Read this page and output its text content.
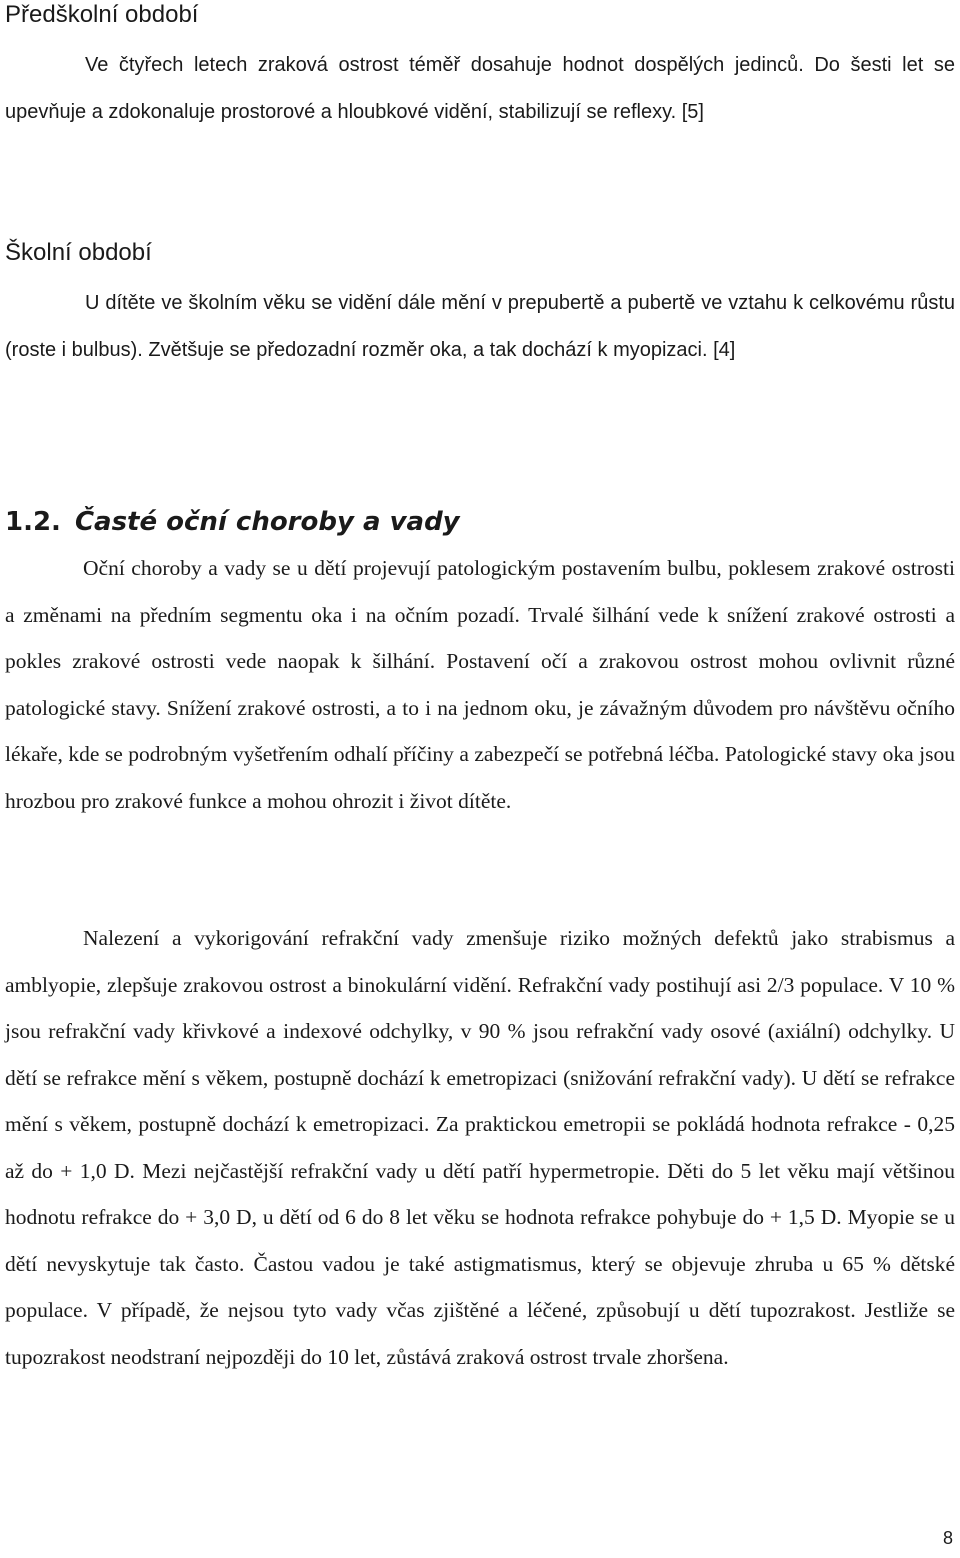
Předškolní období

Ve čtyřech letech zraková ostrost téměř dosahuje hodnot dospělých jedinců. Do šesti let se upevňuje a zdokonaluje prostorové a hloubkové vidění, stabilizují se reflexy. [5]

Školní období

U dítěte ve školním věku se vidění dále mění v prepubertě a pubertě ve vztahu k celkovému růstu (roste i bulbus). Zvětšuje se předozadní rozměr oka, a tak dochází k myopizaci. [4]

1.2. Časté oční choroby a vady

Oční choroby a vady se u dětí projevují patologickým postavením bulbu, poklesem zrakové ostrosti a změnami na předním segmentu oka i na očním pozadí. Trvalé šilhání vede k snížení zrakové ostrosti a pokles zrakové ostrosti vede naopak k šilhání. Postavení očí a zrakovou ostrost mohou ovlivnit různé patologické stavy. Snížení zrakové ostrosti, a to i na jednom oku, je závažným důvodem pro návštěvu očního lékaře, kde se podrobným vyšetřením odhalí příčiny a zabezpečí se potřebná léčba. Patologické stavy oka jsou hrozbou pro zrakové funkce a mohou ohrozit i život dítěte.

Nalezení a vykorigování refrakční vady zmenšuje riziko možných defektů jako strabismus a amblyopie, zlepšuje zrakovou ostrost a binokulární vidění. Refrakční vady postihují asi 2/3 populace. V 10 % jsou refrakční vady křivkové a indexové odchylky, v 90 % jsou refrakční vady osové (axiální) odchylky. U dětí se refrakce mění s věkem, postupně dochází k emetropizaci (snižování refrakční vady). U dětí se refrakce mění s věkem, postupně dochází k emetropizaci. Za praktickou emetropii se pokládá hodnota refrakce - 0,25 až do + 1,0 D. Mezi nejčastější refrakční vady u dětí patří hypermetropie. Děti do 5 let věku mají většinou hodnotu refrakce do + 3,0 D, u dětí od 6 do 8 let věku se hodnota refrakce pohybuje do + 1,5 D. Myopie se u dětí nevyskytuje tak často. Častou vadou je také astigmatismus, který se objevuje zhruba u 65 % dětské populace. V případě, že nejsou tyto vady včas zjištěné a léčené, způsobují u dětí tupozrakost. Jestliže se tupozrakost neodstraní nejpozději do 10 let, zůstává zraková ostrost trvale zhoršena.

8
